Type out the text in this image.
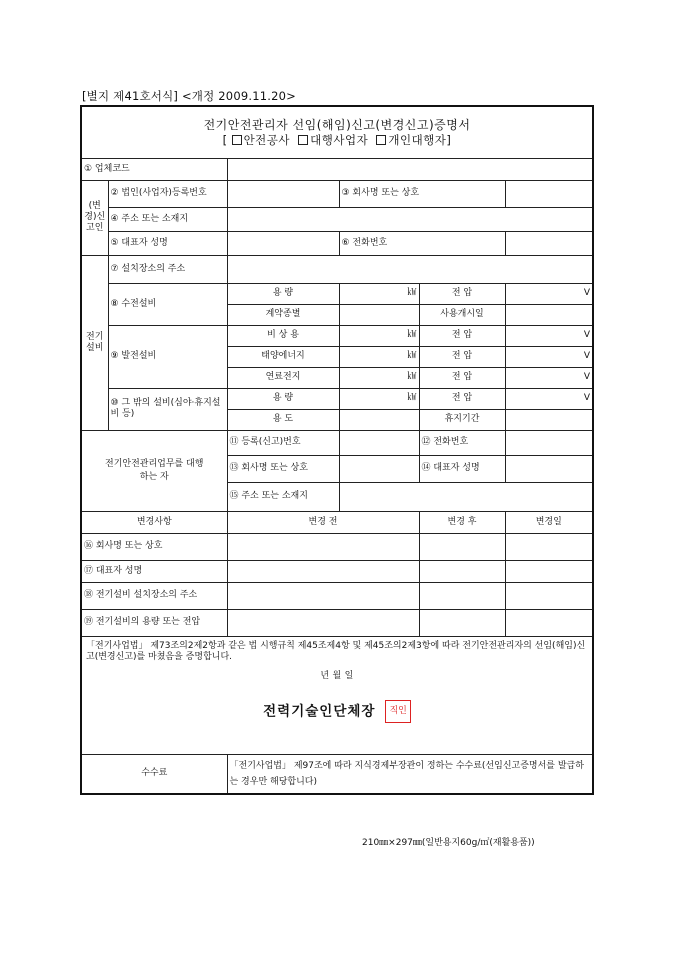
[별지 제41호서식] <개정 2009.11.20>
전기안전관리자 선임(해임)신고(변경신고)증명서
[ 안전공사 대행사업자 개인대행자]					

① 업체코드					
(변경)신고인	② 법인(사업자)등록번호		③ 회사명 또는 상호		
	④ 주소 또는 소재지				
	⑤ 대표자 성명		⑥ 전화번호		

전기설비	⑦ 설치장소의 주소				
	⑧ 수전설비	용 량	㎾	전 압	V
		계약종별		사용개시일	
	⑨ 발전설비	비 상 용	㎾	전 압	V
		태양에너지	㎾	전 압	V
		연료전지	㎾	전 압	V
	⑩ 그 밖의 설비(심야·휴지설비 등)	용 량	㎾	전 압	V
		용 도		휴지기간	

전기안전관리업무를 대행하는 자		⑪ 등록(신고)번호		⑫ 전화번호	
		⑬ 회사명 또는 상호		⑭ 대표자 성명	
		⑮ 주소 또는 소재지			
변경사항		변경 전		변경 후	변경일
⑯ 회사명 또는 상호					
⑰ 대표자 성명					
⑱ 전기설비 설치장소의 주소					
⑲ 전기설비의 용량 또는 전압					

「전기사업법」 제73조의2제2항과 같은 법 시행규칙 제45조제4항 및 제45조의2제3항에 따라 전기안전관리자의 선임(해임)신고(변경신고)를 마쳤음을 증명합니다.
년 월 일
전력기술인단체장 직인					

수수료		「전기사업법」 제97조에 따라 지식경제부장관이 정하는 수수료(선임신고증명서를 발급하는 경우만 해당합니다)			
210㎜×297㎜(일반용지60g/㎡(재활용품))
